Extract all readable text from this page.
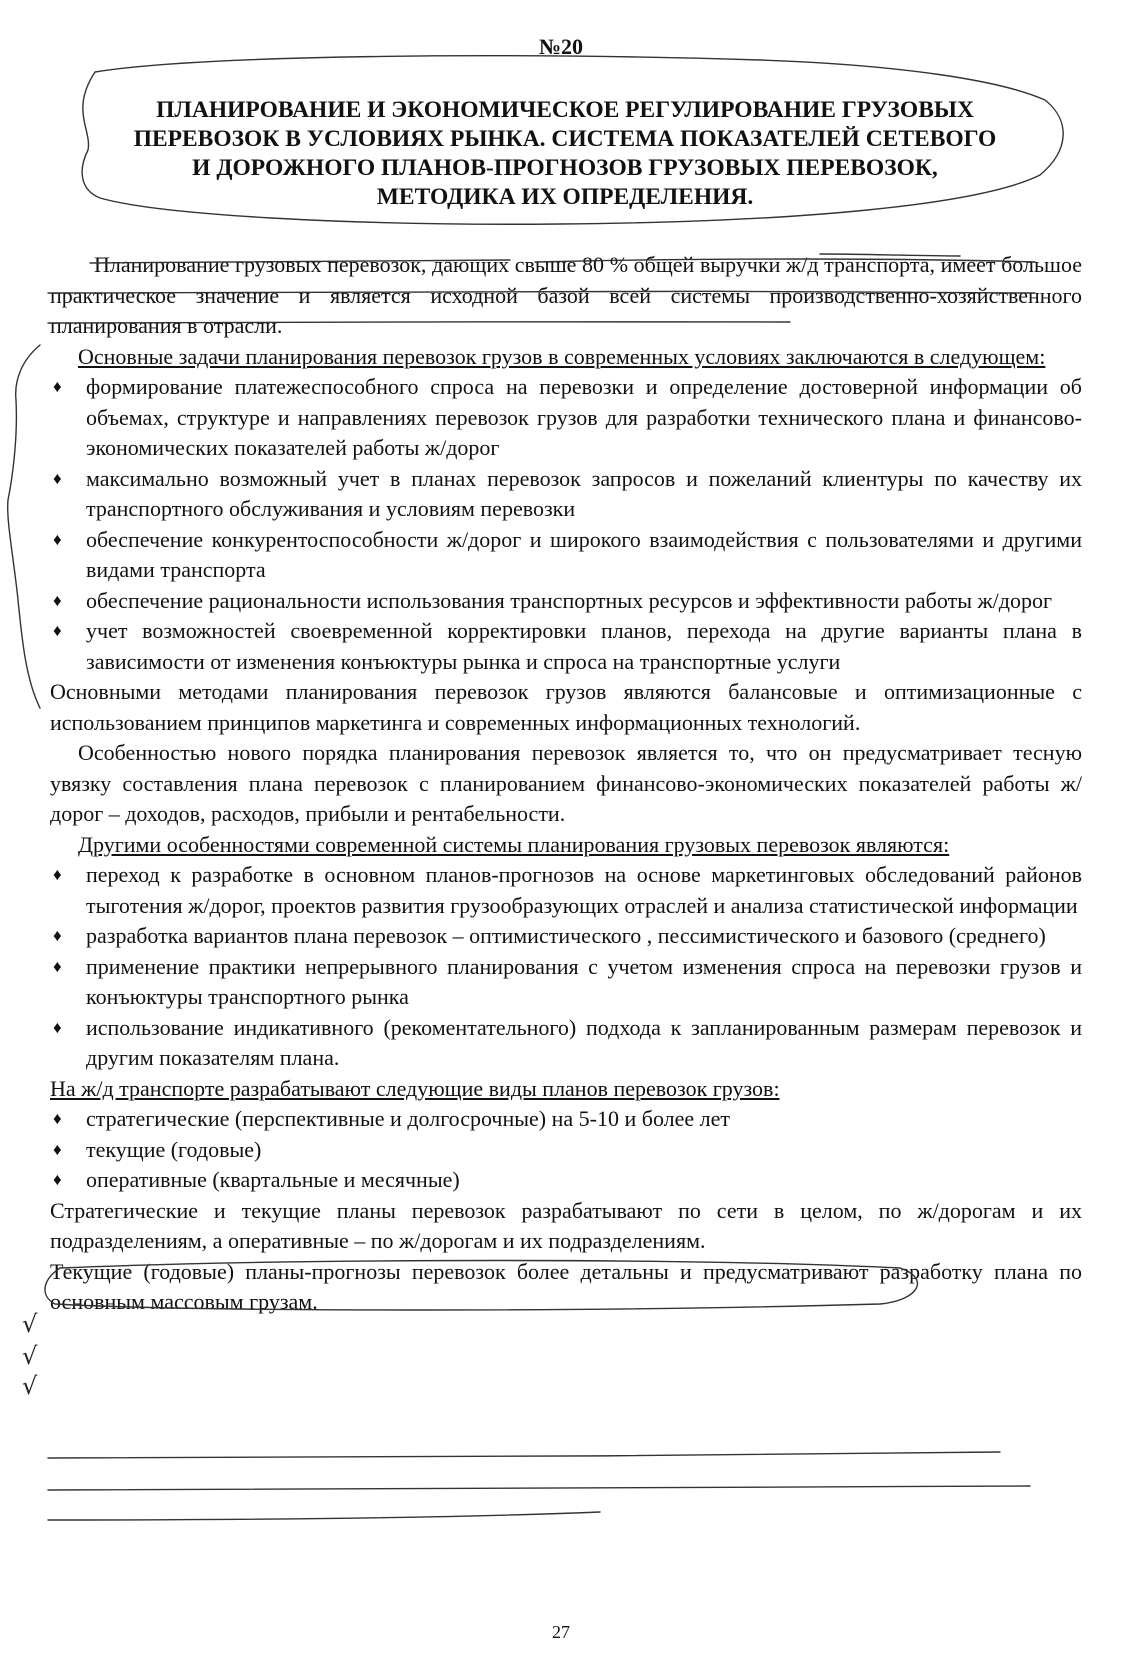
№20
ПЛАНИРОВАНИЕ И ЭКОНОМИЧЕСКОЕ РЕГУЛИРОВАНИЕ ГРУЗОВЫХ
ПЕРЕВОЗОК В УСЛОВИЯХ РЫНКА. СИСТЕМА ПОКАЗАТЕЛЕЙ СЕТЕВОГО
И ДОРОЖНОГО ПЛАНОВ-ПРОГНОЗОВ ГРУЗОВЫХ ПЕРЕВОЗОК,
МЕТОДИКА ИХ ОПРЕДЕЛЕНИЯ.

Планирование грузовых перевозок, дающих свыше 80 % общей выручки ж/д транспорта, имеет большое практическое значение и является исходной базой всей системы производственно-хозяйственного планирования в отрасли.

Основные задачи планирования перевозок грузов в современных условиях заключаются в следующем:

♦ формирование платежеспособного спроса на перевозки и определение достоверной информации об объемах, структуре и направлениях перевозок грузов для разработки технического плана и финансово-экономических показателей работы ж/дорог
♦ максимально возможный учет в планах перевозок запросов и пожеланий клиентуры по качеству их транспортного обслуживания и условиям перевозки
♦ обеспечение конкурентоспособности ж/дорог и широкого взаимодействия с пользователями и другими видами транспорта
♦ обеспечение рациональности использования транспортных ресурсов и эффективности работы ж/дорог
♦ учет возможностей своевременной корректировки планов, перехода на другие варианты плана в зависимости от изменения конъюктуры рынка и спроса на транспортные услуги

Основными методами планирования перевозок грузов являются балансовые и оптимизационные с использованием принципов маркетинга и современных информационных технологий.

Особенностью нового порядка планирования перевозок является то, что он предусматривает тесную увязку составления плана перевозок с планированием финансово-экономических показателей работы ж/дорог – доходов, расходов, прибыли и рентабельности.

Другими особенностями современной системы планирования грузовых перевозок являются:

♦ переход к разработке в основном планов-прогнозов на основе маркетинговых обследований районов тыготения ж/дорог, проектов развития грузообразующих отраслей и анализа статистической информации
♦ разработка вариантов плана перевозок – оптимистического , пессимистического и базового (среднего)
♦ применение практики непрерывного планирования с учетом изменения спроса на перевозки грузов и конъюктуры транспортного рынка
♦ использование индикативного (рекоментательного) подхода к запланированным размерам перевозок и другим показателям плана.

На ж/д транспорте разрабатывают следующие виды планов перевозок грузов:

♦ стратегические (перспективные и долгосрочные) на 5-10 и более лет
♦ текущие (годовые)
♦ оперативные (квартальные и месячные)

Стратегические и текущие планы перевозок разрабатывают по сети в целом, по ж/дорогам и их подразделениям, а оперативные – по ж/дорогам и их подразделениям.

Текущие (годовые) планы-прогнозы перевозок более детальны и предусматривают разработку плана по основным массовым грузам.

√
√
√
27
